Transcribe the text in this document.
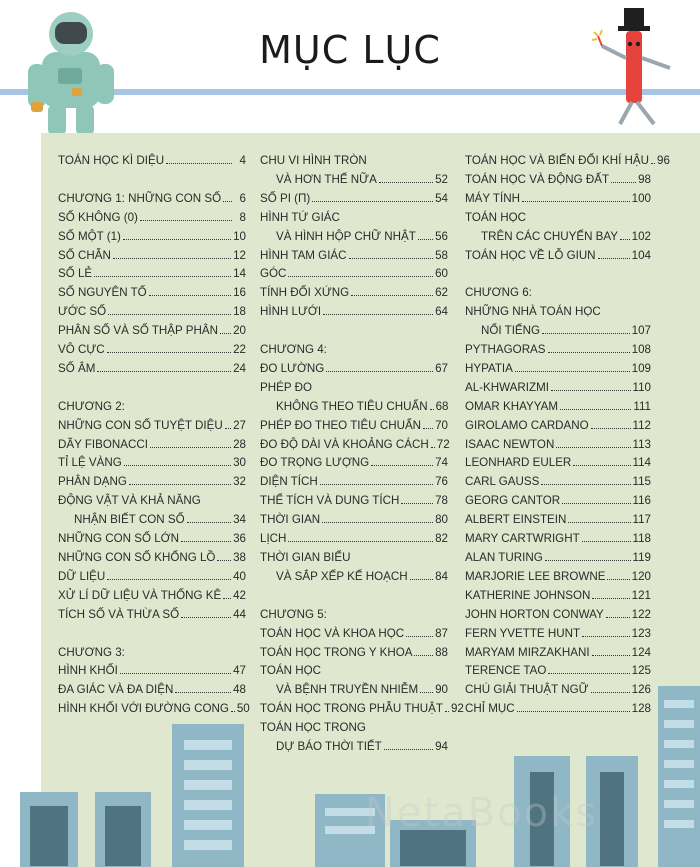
MỤC LỤC
TOÁN HỌC KÌ DIỆU	4
CHƯƠNG 1: NHỮNG CON SỐ	6
SỐ KHÔNG (0)	8
SỐ MỘT (1)	10
SỐ CHẴN	12
SỐ LẺ	14
SỐ NGUYÊN TỐ	16
ƯỚC SỐ	18
PHÂN SỐ VÀ SỐ THẬP PHÂN 20
VÔ CỰC	22
SỐ ÂM	24
CHƯƠNG 2:
NHỮNG CON SỐ TUYỆT DIỆU 27
DÃY FIBONACCI	28
TỈ LỆ VÀNG	30
PHÂN DẠNG	32
ĐỘNG VẬT VÀ KHẢ NĂNG
NHẬN BIẾT CON SỐ	34
NHỮNG CON SỐ LỚN	36
NHỮNG CON SỐ KHỔNG LỒ 38
DỮ LIỆU	40
XỬ LÍ DỮ LIỆU VÀ THỐNG KÊ 42
TÍCH SỐ VÀ THỪA SỐ	44
CHƯƠNG 3:
HÌNH KHỐI	47
ĐA GIÁC VÀ ĐA DIỆN	48
HÌNH KHỐI VỚI ĐƯỜNG CONG 50
CHU VI HÌNH TRÒN
VÀ HƠN THẾ NỮA	52
SỐ PI (Π)	54
HÌNH TỨ GIÁC
VÀ HÌNH HỘP CHỮ NHẬT 56
HÌNH TAM GIÁC	58
GÓC	60
TÍNH ĐỐI XỨNG	62
HÌNH LƯỚI	64
CHƯƠNG 4:
ĐO LƯỜNG	67
PHÉP ĐO
KHÔNG THEO TIÊU CHUẨN 68
PHÉP ĐO THEO TIÊU CHUẨN 70
ĐO ĐỘ DÀI VÀ KHOẢNG CÁCH 72
ĐO TRỌNG LƯỢNG	74
DIỆN TÍCH	76
THỂ TÍCH VÀ DUNG TÍCH	78
THỜI GIAN	80
LỊCH	82
THỜI GIAN BIỂU
VÀ SẮP XẾP KẾ HOẠCH 84
CHƯƠNG 5:
TOÁN HỌC VÀ KHOA HỌC	87
TOÁN HỌC TRONG Y KHOA 88
TOÁN HỌC
VÀ BỆNH TRUYỀN NHIỄM 90
TOÁN HỌC TRONG PHẪU THUẬT 92
TOÁN HỌC TRONG
DỰ BÁO THỜI TIẾT	94
TOÁN HỌC VÀ BIẾN ĐỔI KHÍ HẬU 96
TOÁN HỌC VÀ ĐỘNG ĐẤT	98
MÁY TÍNH	100
TOÁN HỌC
TRÊN CÁC CHUYẾN BAY 102
TOÁN HỌC VỀ LỖ GIUN	104
CHƯƠNG 6:
NHỮNG NHÀ TOÁN HỌC
NỔI TIẾNG	107
PYTHAGORAS	108
HYPATIA	109
AL-KHWARIZMI	110
OMAR KHAYYAM	111
GIROLAMO CARDANO	112
ISAAC NEWTON	113
LEONHARD EULER	114
CARL GAUSS	115
GEORG CANTOR	116
ALBERT EINSTEIN	117
MARY CARTWRIGHT	118
ALAN TURING	119
MARJORIE LEE BROWNE 120
KATHERINE JOHNSON	121
JOHN HORTON CONWAY 122
FERN YVETTE HUNT	123
MARYAM MIRZAKHANI	124
TERENCE TAO	125
CHÚ GIẢI THUẬT NGỮ	126
CHỈ MỤC	128
NetaBooks
